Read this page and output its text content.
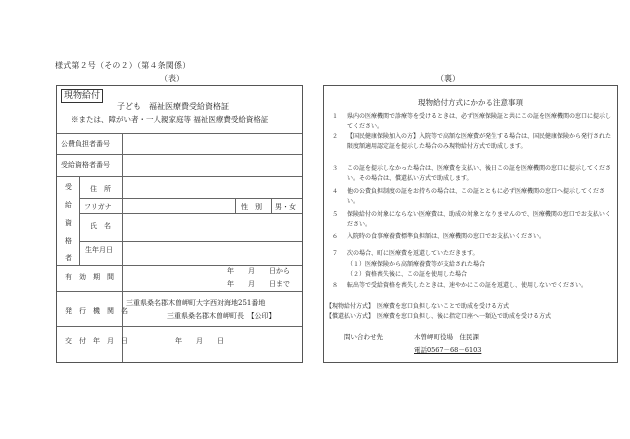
様式第２号（その２）（第４条関係）
（表）	（裏）
現物給付
子ども　福祉医療費受給資格証
※または、障がい者・一人親家庭等 福祉医療費受給資格証
公費負担者番号
受給資格者番号
受
給
資
格
者
住　所
フリガナ	性　別 男・女
氏　名
生年月日
有　効　期　間
年　　月　　日から
年　　月　　日まで
発　行　機　関　名
三重県桑名郡木曽岬町大字西対海地251番地
三重県桑名郡木曽岬町長　【公印】
交　付　年　月　日	年　　月　　日
現物給付方式にかかる注意事項
１	県内の医療機関で診療等を受けるときは、必ず医療保険証と共にこの証を医療機関の窓口に提示してください。
２	【国民健康保険加入の方】入院等で高額な医療費が発生する場合は、国民健康保険から発行された限度額適用認定証を提示した場合のみ現物給付方式で助成します。
３	この証を提示しなかった場合は、医療費を支払い、後日この証を医療機関の窓口に提示してください。その場合は、償還払い方式で助成します。
４	他の公費負担制度の証をお持ちの場合は、この証とともに必ず医療機関の窓口へ提示してください。
５	保険給付の対象にならない医療費は、助成の対象となりませんので、医療機関の窓口でお支払いください。
６	入院時の食事療養費標準負担額は、医療機関の窓口でお支払いください。
７	次の場合、町に医療費を返還していただきます。
（１）医療保険から高額療養費等が支給された場合
（２）資格喪失後に、この証を使用した場合
８	転出等で受給資格を喪失したときは、速やかにこの証を返還し、使用しないでください。
【現物給付方式】　医療費を窓口負担しないことで助成を受ける方式
【償還払い方式】　医療費を窓口負担し、後に指定口座へ一類込で助成を受ける方式
問い合わせ先	木曽岬町役場　住民課
電話0567－68－6103
